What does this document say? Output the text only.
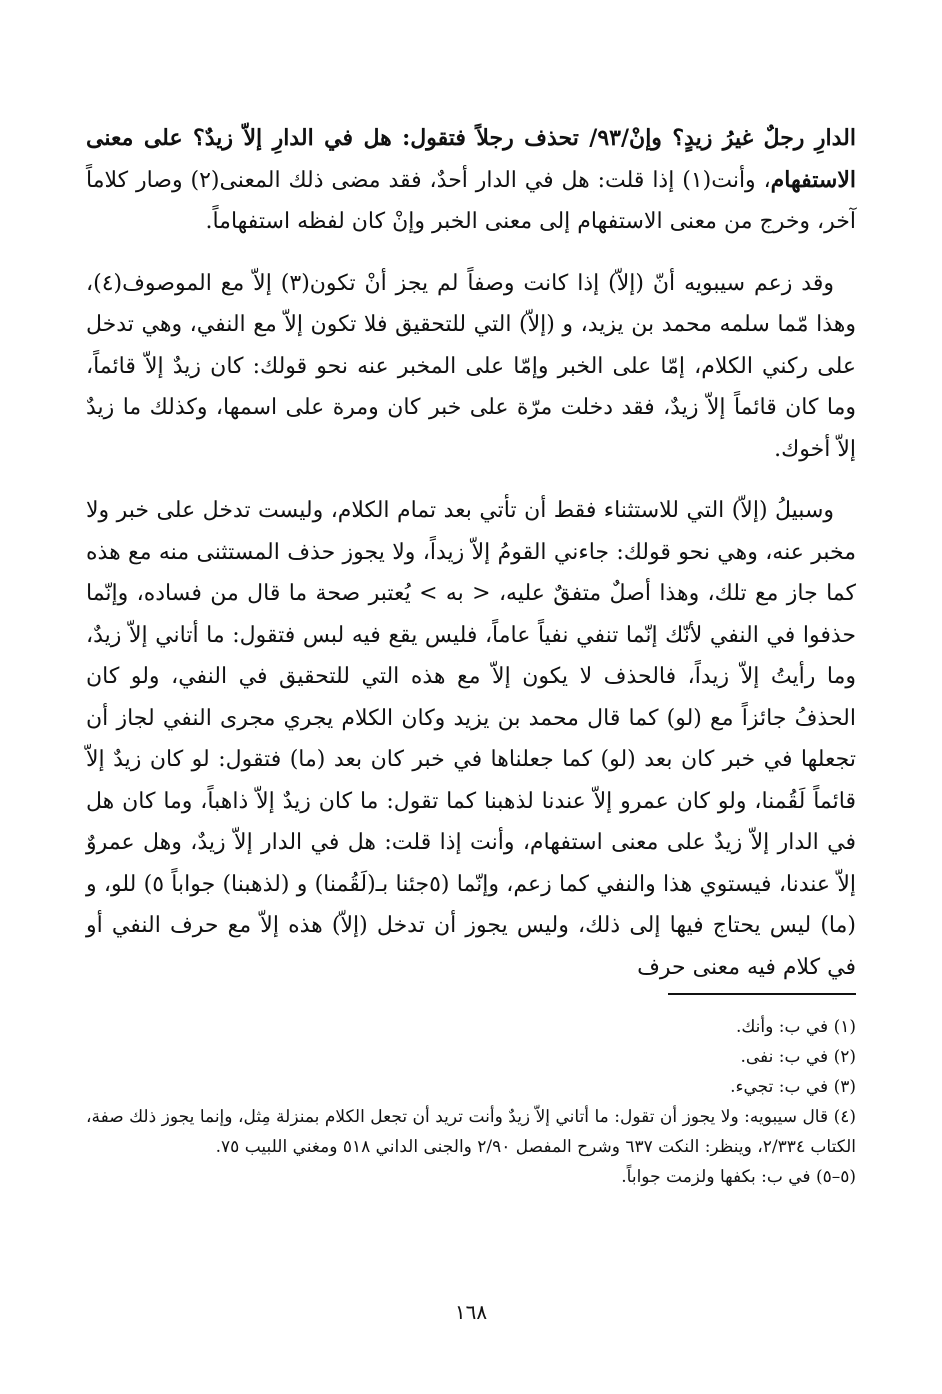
الدارِ رجلٌ غيرُ زيدٍ؟ وإنْ/٩٣/ تحذف رجلاً فتقول: هل في الدارِ إلاّ زيدٌ؟ على معنى الاستفهام، وأنت(١) إذا قلت: هل في الدار أحدٌ، فقد مضى ذلك المعنى(٢) وصار كلاماً آخر، وخرج من معنى الاستفهام إلى معنى الخبر وإنْ كان لفظه استفهاماً.

وقد زعم سيبويه أنّ (إلاّ) إذا كانت وصفاً لم يجز أنْ تكون(٣) إلاّ مع الموصوف(٤)، وهذا مّما سلمه محمد بن يزيد، و (إلاّ) التي للتحقيق فلا تكون إلاّ مع النفي، وهي تدخل على ركني الكلام، إمّا على الخبر وإمّا على المخبر عنه نحو قولك: كان زيدٌ إلاّ قائماً، وما كان قائماً إلاّ زيدٌ، فقد دخلت مرّة على خبر كان ومرة على اسمها، وكذلك ما زيدٌ إلاّ أخوك.

وسبيلُ (إلاّ) التي للاستثناء فقط أن تأتي بعد تمام الكلام، وليست تدخل على خبر ولا مخبر عنه، وهي نحو قولك: جاءني القومُ إلاّ زيداً، ولا يجوز حذف المستثنى منه مع هذه كما جاز مع تلك، وهذا أصلٌ متفقٌ عليه، < به > يُعتبر صحة ما قال من فساده، وإنّما حذفوا في النفي لأنّك إنّما تنفي نفياً عاماً، فليس يقع فيه لبس فتقول: ما أتاني إلاّ زيدٌ، وما رأيتُ إلاّ زيداً، فالحذف لا يكون إلاّ مع هذه التي للتحقيق في النفي، ولو كان الحذفُ جائزاً مع (لو) كما قال محمد بن يزيد وكان الكلام يجري مجرى النفي لجاز أن تجعلها في خبر كان بعد (لو) كما جعلناها في خبر كان بعد (ما) فتقول: لو كان زيدٌ إلاّ قائماً لَقُمنا، ولو كان عمرو إلاّ عندنا لذهبنا كما تقول: ما كان زيدٌ إلاّ ذاهباً، وما كان هل في الدار إلاّ زيدٌ على معنى استفهام، وأنت إذا قلت: هل في الدار إلاّ زيدٌ، وهل عمروٌ إلاّ عندنا، فيستوي هذا والنفي كما زعم، وإنّما (٥جئنا بـ(لَقُمنا) و (لذهبنا) جواباً ٥) للو، و (ما) ليس يحتاج فيها إلى ذلك، وليس يجوز أن تدخل (إلاّ) هذه إلاّ مع حرف النفي أو في كلام فيه معنى حرف

(١) في ب: وأنك.

(٢) في ب: نفى.

(٣) في ب: تجيء.

(٤) قال سيبويه: ولا يجوز أن تقول: ما أتاني إلاّ زيدٌ وأنت تريد أن تجعل الكلام بمنزلة مِثل، وإنما يجوز ذلك صفة، الكتاب ٢/٣٣٤، وينظر: النكت ٦٣٧ وشرح المفصل ٢/٩٠ والجنى الداني ٥١٨ ومغني اللبيب ٧٥.

(٥–٥) في ب: بكفها ولزمت جواباً.

١٦٨
